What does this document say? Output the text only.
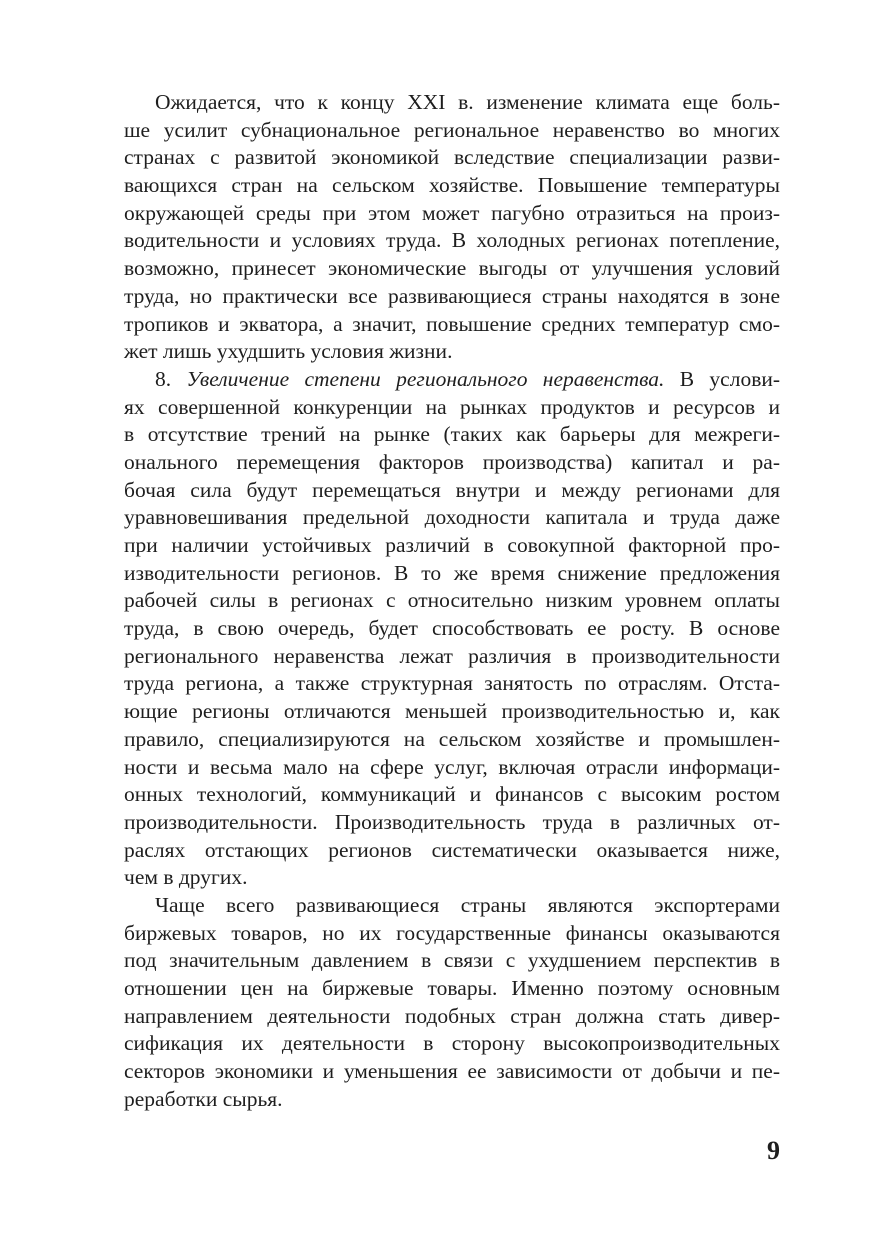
Ожидается, что к концу XXI в. изменение климата еще боль-
ше усилит субнациональное региональное неравенство во многих
странах с развитой экономикой вследствие специализации разви-
вающихся стран на сельском хозяйстве. Повышение температуры
окружающей среды при этом может пагубно отразиться на произ-
водительности и условиях труда. В холодных регионах потепление,
возможно, принесет экономические выгоды от улучшения условий
труда, но практически все развивающиеся страны находятся в зоне
тропиков и экватора, а значит, повышение средних температур смо-
жет лишь ухудшить условия жизни.
8. Увеличение степени регионального неравенства. В услови-
ях совершенной конкуренции на рынках продуктов и ресурсов и
в отсутствие трений на рынке (таких как барьеры для межреги-
онального перемещения факторов производства) капитал и ра-
бочая сила будут перемещаться внутри и между регионами для
уравновешивания предельной доходности капитала и труда даже
при наличии устойчивых различий в совокупной факторной про-
изводительности регионов. В то же время снижение предложения
рабочей силы в регионах с относительно низким уровнем оплаты
труда, в свою очередь, будет способствовать ее росту. В основе
регионального неравенства лежат различия в производительности
труда региона, а также структурная занятость по отраслям. Отста-
ющие регионы отличаются меньшей производительностью и, как
правило, специализируются на сельском хозяйстве и промышлен-
ности и весьма мало на сфере услуг, включая отрасли информаци-
онных технологий, коммуникаций и финансов с высоким ростом
производительности. Производительность труда в различных от-
раслях отстающих регионов систематически оказывается ниже,
чем в других.
Чаще всего развивающиеся страны являются экспортерами
биржевых товаров, но их государственные финансы оказываются
под значительным давлением в связи с ухудшением перспектив в
отношении цен на биржевые товары. Именно поэтому основным
направлением деятельности подобных стран должна стать дивер-
сификация их деятельности в сторону высокопроизводительных
секторов экономики и уменьшения ее зависимости от добычи и пе-
реработки сырья.
9
